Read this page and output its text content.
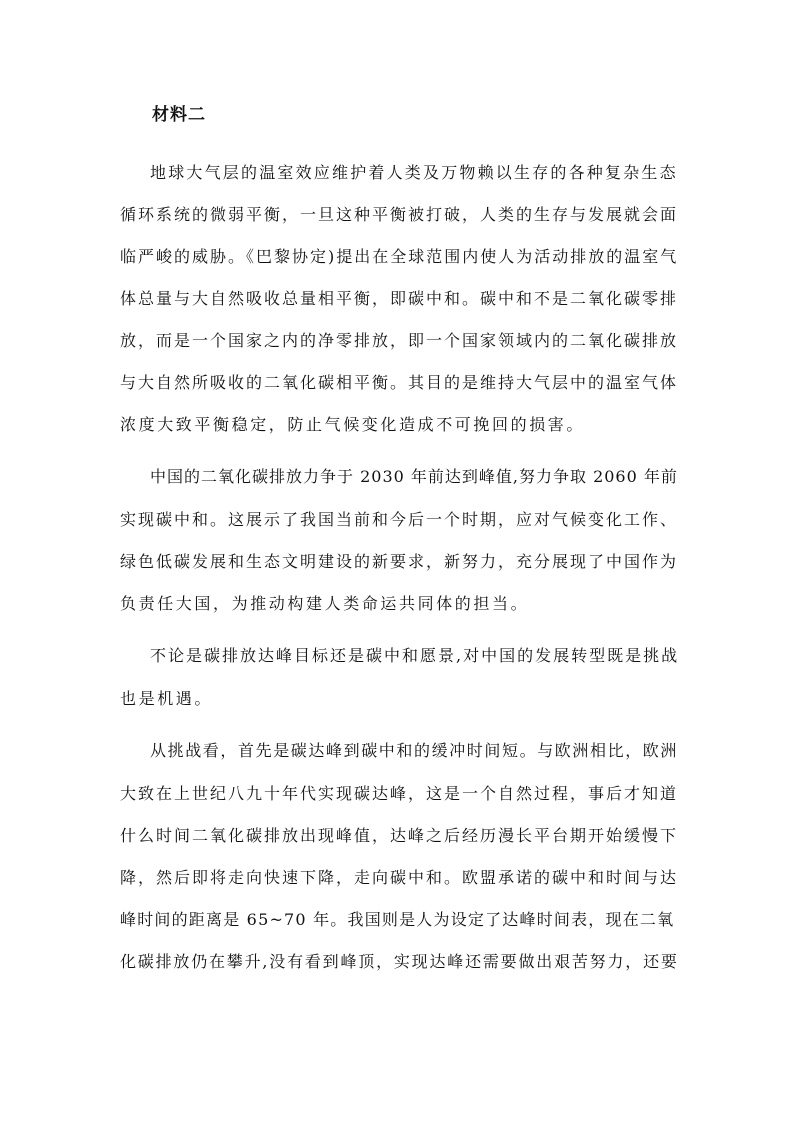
材料二
地球大气层的温室效应维护着人类及万物赖以生存的各种复杂生态
循环系统的微弱平衡，一旦这种平衡被打破，人类的生存与发展就会面
临严峻的威胁。《巴黎协定)提出在全球范围内使人为活动排放的温室气
体总量与大自然吸收总量相平衡，即碳中和。碳中和不是二氧化碳零排
放，而是一个国家之内的净零排放，即一个国家领域内的二氧化碳排放
与大自然所吸收的二氧化碳相平衡。其目的是维持大气层中的温室气体
浓度大致平衡稳定，防止气候变化造成不可挽回的损害。
中国的二氧化碳排放力争于 2030 年前达到峰值,努力争取 2060 年前
实现碳中和。这展示了我国当前和今后一个时期，应对气候变化工作、
绿色低碳发展和生态文明建设的新要求，新努力，充分展现了中国作为
负责任大国，为推动构建人类命运共同体的担当。
不论是碳排放达峰目标还是碳中和愿景,对中国的发展转型既是挑战
也是机遇。
从挑战看，首先是碳达峰到碳中和的缓冲时间短。与欧洲相比，欧洲
大致在上世纪八九十年代实现碳达峰，这是一个自然过程，事后才知道
什么时间二氧化碳排放出现峰值，达峰之后经历漫长平台期开始缓慢下
降，然后即将走向快速下降，走向碳中和。欧盟承诺的碳中和时间与达
峰时间的距离是 65~70 年。我国则是人为设定了达峰时间表，现在二氧
化碳排放仍在攀升,没有看到峰顶，实现达峰还需要做出艰苦努力，还要
